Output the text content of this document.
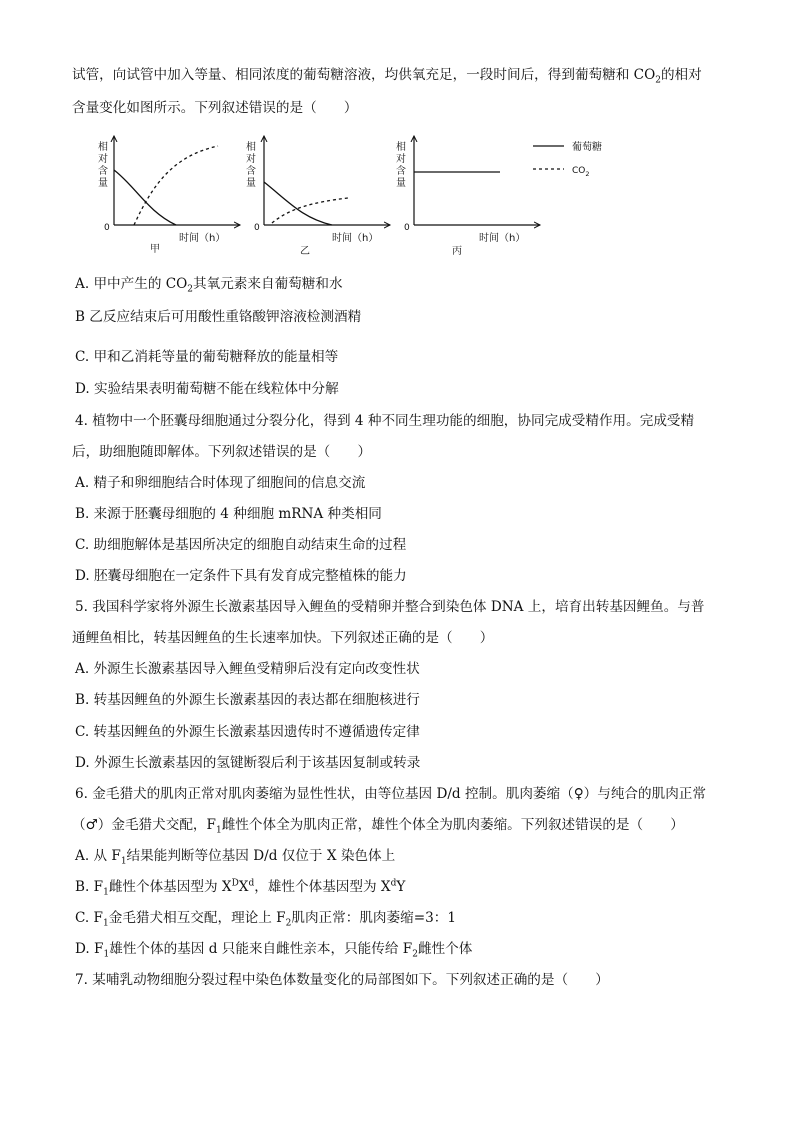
试管，向试管中加入等量、相同浓度的葡萄糖溶液，均供氧充足，一段时间后，得到葡萄糖和 $CO_2$的相对
含量变化如图所示。下列叙述错误的是（　　）
相
对
含
量
0
时间（h）
甲
相
对
含
量
0
时间（h）
乙
相
对
含
量
0
时间（h）
丙
葡萄糖
$CO_2$
A. 甲中产生的 $CO_2$其氧元素来自葡萄糖和水
B 乙反应结束后可用酸性重铬酸钾溶液检测酒精
C. 甲和乙消耗等量的葡萄糖释放的能量相等
D. 实验结果表明葡萄糖不能在线粒体中分解
4. 植物中一个胚囊母细胞通过分裂分化，得到 4 种不同生理功能的细胞，协同完成受精作用。完成受精
后，助细胞随即解体。下列叙述错误的是（　　）
A. 精子和卵细胞结合时体现了细胞间的信息交流
B. 来源于胚囊母细胞的 4 种细胞 mRNA 种类相同
C. 助细胞解体是基因所决定的细胞自动结束生命的过程
D. 胚囊母细胞在一定条件下具有发育成完整植株的能力
5. 我国科学家将外源生长激素基因导入鲤鱼的受精卵并整合到染色体 DNA 上，培育出转基因鲤鱼。与普
通鲤鱼相比，转基因鲤鱼的生长速率加快。下列叙述正确的是（　　）
A. 外源生长激素基因导入鲤鱼受精卵后没有定向改变性状
B. 转基因鲤鱼的外源生长激素基因的表达都在细胞核进行
C. 转基因鲤鱼的外源生长激素基因遗传时不遵循遗传定律
D. 外源生长激素基因的氢键断裂后利于该基因复制或转录
6. 金毛猎犬的肌肉正常对肌肉萎缩为显性性状，由等位基因 D/d 控制。肌肉萎缩（♀）与纯合的肌肉正常
（♂）金毛猎犬交配，$F_1$雌性个体全为肌肉正常，雄性个体全为肌肉萎缩。下列叙述错误的是（　　）
A. 从 $F_1$结果能判断等位基因 D/d 仅位于 X 染色体上
B. $F_1$雌性个体基因型为 $X^DX^d$，雄性个体基因型为 $X^dY$
C. $F_1$金毛猎犬相互交配，理论上 $F_2$肌肉正常：肌肉萎缩=3：1
D. $F_1$雄性个体的基因 d 只能来自雌性亲本，只能传给 $F_2$雌性个体
7. 某哺乳动物细胞分裂过程中染色体数量变化的局部图如下。下列叙述正确的是（　　）
